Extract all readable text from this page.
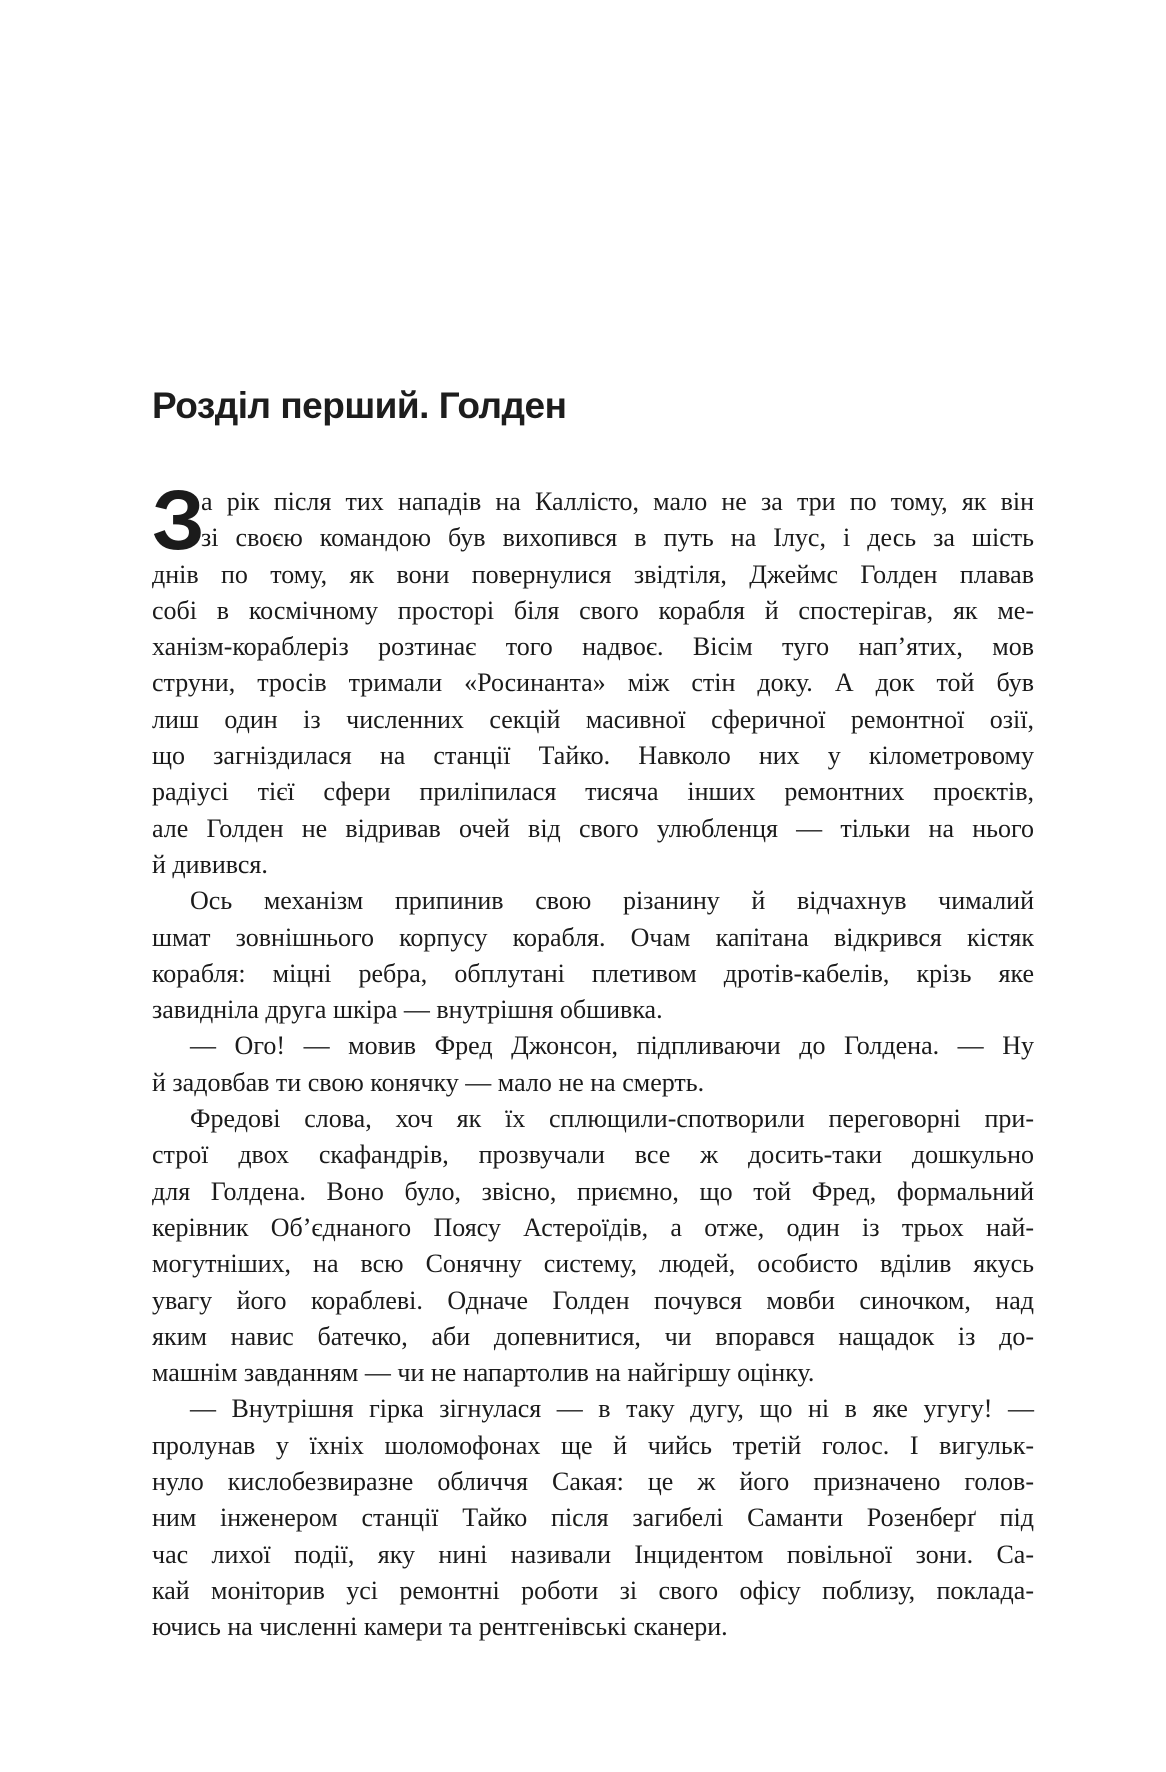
Розділ перший. Голден
З
а рік після тих нападів на Каллісто, мало не за три по тому, як він
зі своєю командою був вихопився в путь на Ілус, і десь за шість
днів по тому, як вони повернулися звідтіля, Джеймс Голден плавав
собі в космічному просторі біля свого корабля й спостерігав, як ме-
ханізм-кораблеріз розтинає того надвоє. Вісім туго нап’ятих, мов
струни, тросів тримали «Росинанта» між стін доку. А док той був
лиш один із численних секцій масивної сферичної ремонтної озії,
що загніздилася на станції Тайко. Навколо них у кілометровому
радіусі тієї сфери приліпилася тисяча інших ремонтних проєктів,
але Голден не відривав очей від свого улюбленця — тільки на нього
й дивився.
Ось механізм припинив свою різанину й відчахнув чималий
шмат зовнішнього корпусу корабля. Очам капітана відкрився кістяк
корабля: міцні ребра, обплутані плетивом дротів-кабелів, крізь яке
завидніла друга шкіра — внутрішня обшивка.
— Ого! — мовив Фред Джонсон, підпливаючи до Голдена. — Ну
й задовбав ти свою конячку — мало не на смерть.
Фредові слова, хоч як їх сплющили-спотворили переговорні при-
строї двох скафандрів, прозвучали все ж досить-таки дошкульно
для Голдена. Воно було, звісно, приємно, що той Фред, формальний
керівник Об’єднаного Поясу Астероїдів, а отже, один із трьох най-
могутніших, на всю Сонячну систему, людей, особисто вділив якусь
увагу його кораблеві. Одначе Голден почувся мовби синочком, над
яким навис батечко, аби допевнитися, чи впорався нащадок із до-
машнім завданням — чи не напартолив на найгіршу оцінку.
— Внутрішня гірка зігнулася — в таку дугу, що ні в яке угугу! —
пролунав у їхніх шоломофонах ще й чийсь третій голос. І вигульк-
нуло кислобезвиразне обличчя Сакая: це ж його призначено голов-
ним інженером станції Тайко після загибелі Саманти Розенберґ під
час лихої події, яку нині називали Інцидентом повільної зони. Са-
кай моніторив усі ремонтні роботи зі свого офісу поблизу, поклада-
ючись на численні камери та рентгенівські сканери.
